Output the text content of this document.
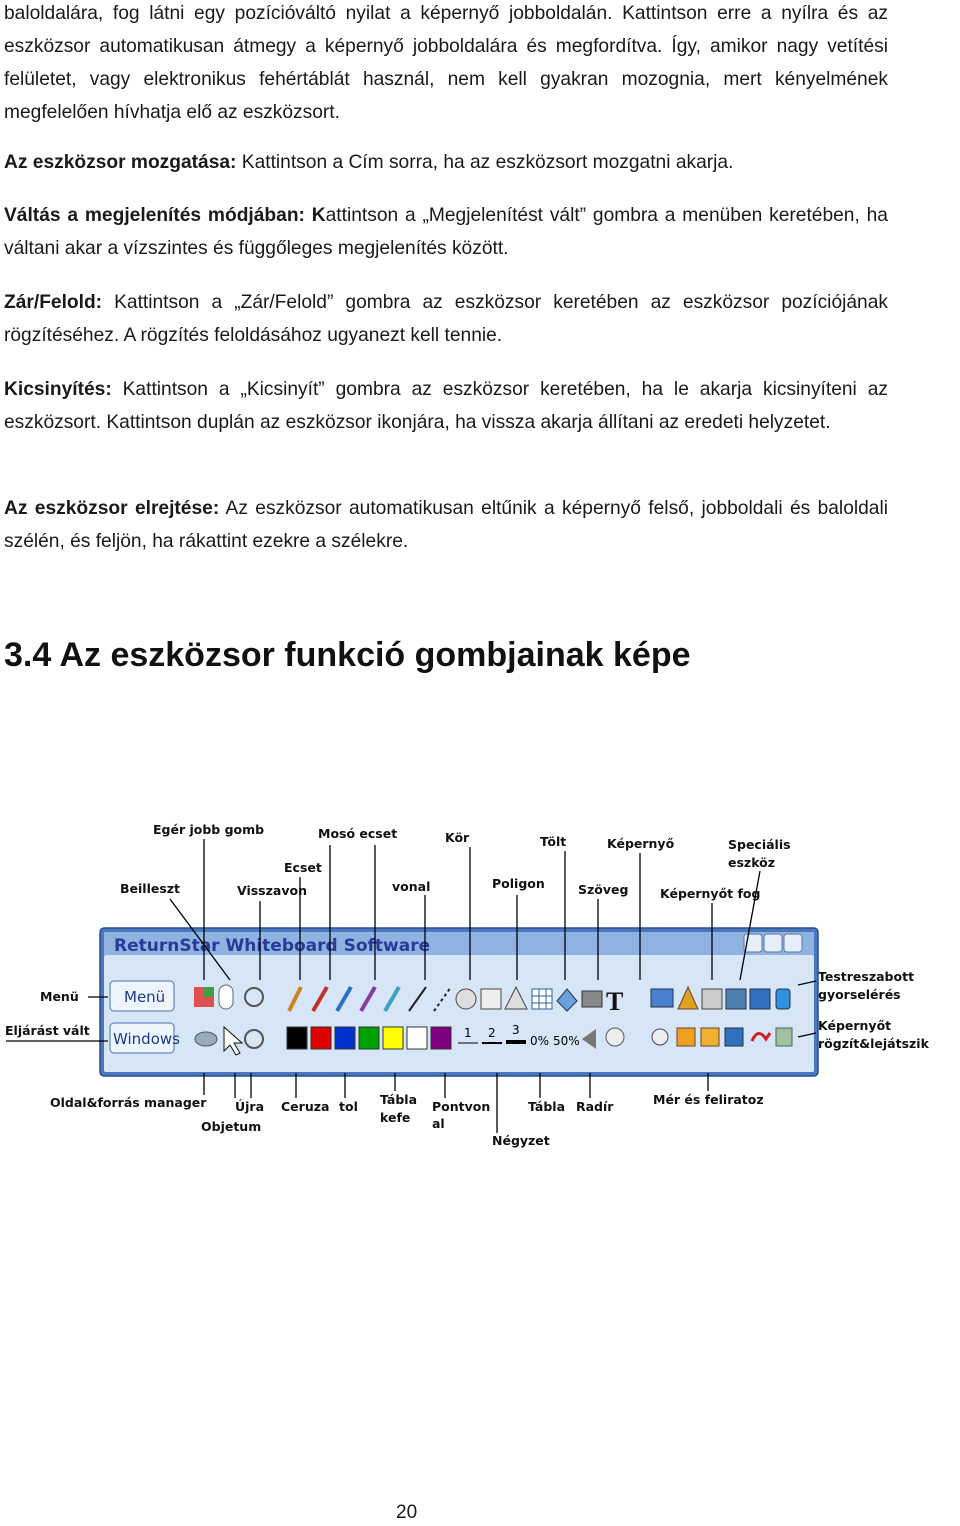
baloldalára, fog látni egy pozícióváltó nyilat a képernyő jobboldalán. Kattintson erre a nyílra és az eszközsor automatikusan átmegy a képernyő jobboldalára és megfordítva. Így, amikor nagy vetítési felületet, vagy elektronikus fehértáblát használ, nem kell gyakran mozognia, mert kényelmének megfelelően hívhatja elő az eszközsort.

Az eszközsor mozgatása: Kattintson a Cím sorra, ha az eszközsort mozgatni akarja.

Váltás a megjelenítés módjában: Kattintson a „Megjelenítést vált” gombra a menüben keretében, ha váltani akar a vízszintes és függőleges megjelenítés között.

Zár/Felold: Kattintson a „Zár/Felold” gombra az eszközsor keretében az eszközsor pozíciójának rögzítéséhez. A rögzítés feloldásához ugyanezt kell tennie.

Kicsinyítés: Kattintson a „Kicsinyít” gombra az eszközsor keretében, ha le akarja kicsinyíteni az eszközsort. Kattintson duplán az eszközsor ikonjára, ha vissza akarja állítani az eredeti helyzetet.

Az eszközsor elrejtése: Az eszközsor automatikusan eltűnik a képernyő felső, jobboldali és baloldali szélén, és feljön, ha rákattint ezekre a szélekre.

3.4 Az eszközsor funkció gombjainak képe
Egér jobb gomb	Mosó ecset	Kör	Tölt	Képernyő	Speciális
eszköz
Ecset
Beilleszt	Visszavon	vonal	Poligon	Szöveg	Képernyőt fog
Menü
Eljárást vált
Testreszabott
gyorselérés
Képernyőt
rögzít&lejátszik
Oldal&forrás manager Újra
Objetum
Ceruza tol Tábla
kefe
Pontvon
al
Tábla Radír
Négyzet
Mér és feliratoz
ReturnStar Whiteboard Software
Menü
Windows
T
1 2 3
0% 50%
20
